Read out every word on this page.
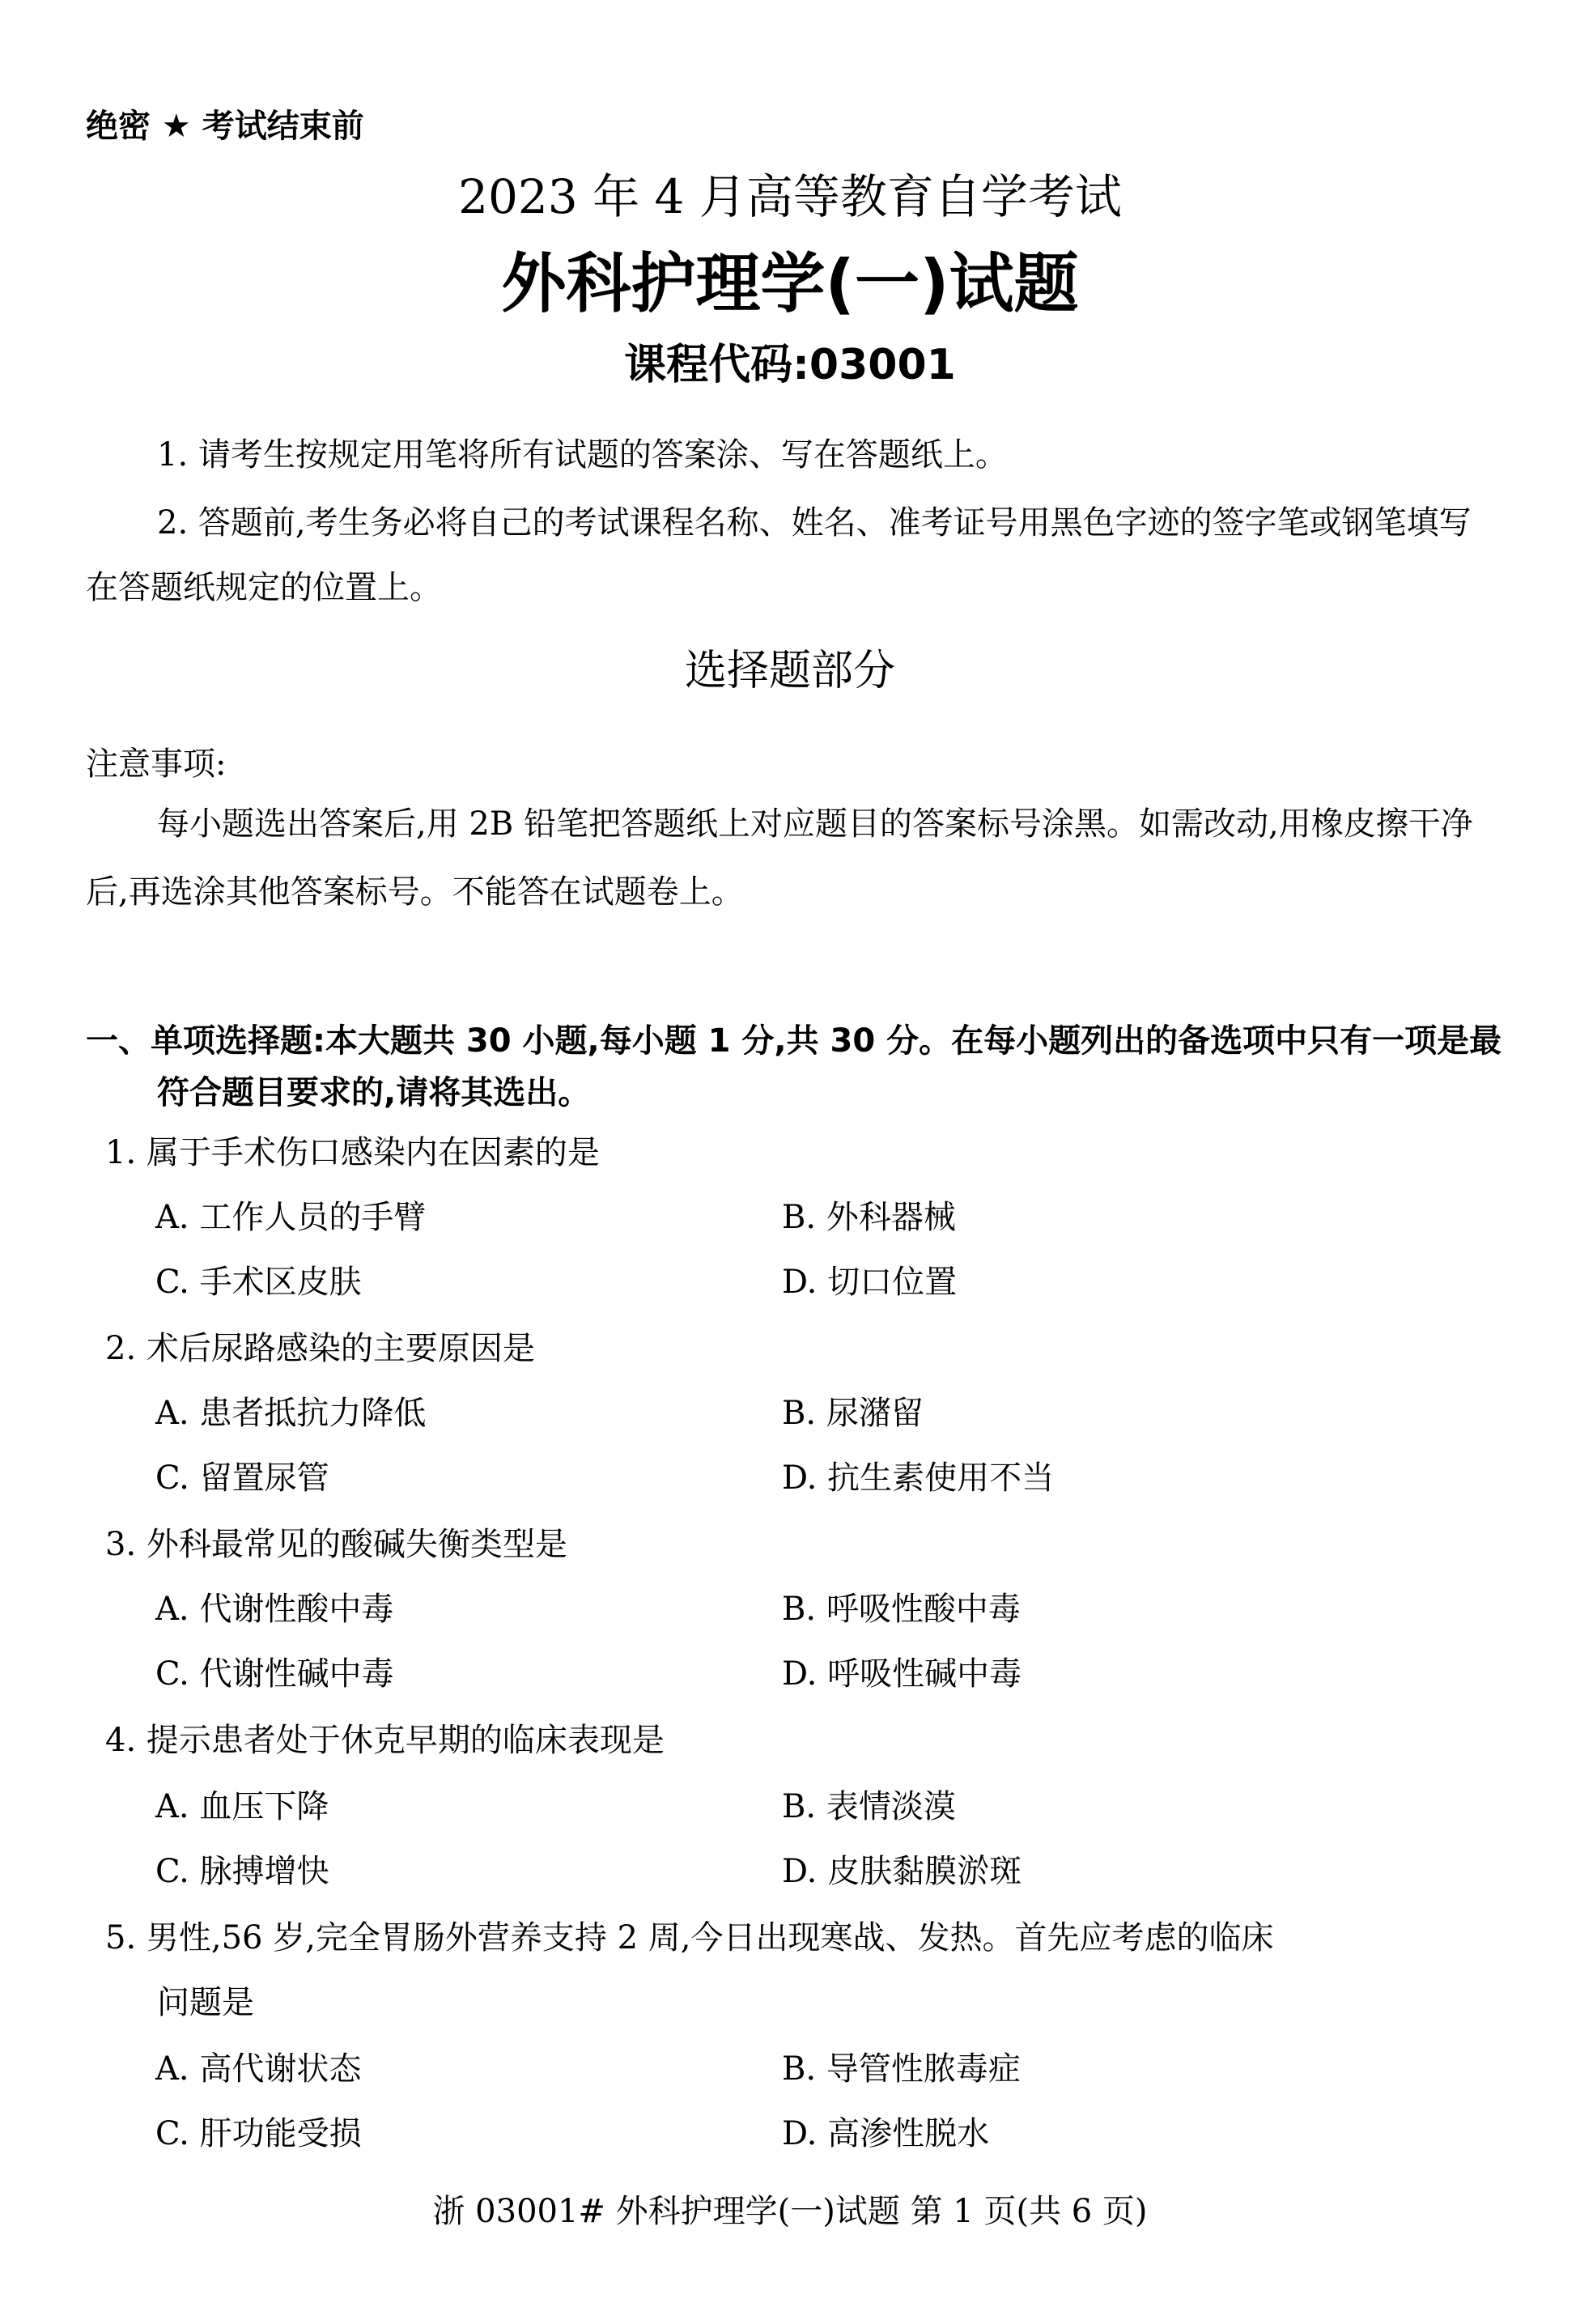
绝密 ★ 考试结束前
2023 年 4 月高等教育自学考试
外科护理学(一)试题
课程代码:03001
1. 请考生按规定用笔将所有试题的答案涂、写在答题纸上。
2. 答题前,考生务必将自己的考试课程名称、姓名、准考证号用黑色字迹的签字笔或钢笔填写在答题纸规定的位置上。
选择题部分
注意事项:
每小题选出答案后,用 2B 铅笔把答题纸上对应题目的答案标号涂黑。如需改动,用橡皮擦干净后,再选涂其他答案标号。不能答在试题卷上。
一、单项选择题:本大题共 30 小题,每小题 1 分,共 30 分。在每小题列出的备选项中只有一项是最符合题目要求的,请将其选出。
1. 属于手术伤口感染内在因素的是
A. 工作人员的手臂	B. 外科器械
C. 手术区皮肤	D. 切口位置
2. 术后尿路感染的主要原因是
A. 患者抵抗力降低	B. 尿潴留
C. 留置尿管	D. 抗生素使用不当
3. 外科最常见的酸碱失衡类型是
A. 代谢性酸中毒	B. 呼吸性酸中毒
C. 代谢性碱中毒	D. 呼吸性碱中毒
4. 提示患者处于休克早期的临床表现是
A. 血压下降	B. 表情淡漠
C. 脉搏增快	D. 皮肤黏膜淤斑
5. 男性,56 岁,完全胃肠外营养支持 2 周,今日出现寒战、发热。首先应考虑的临床
问题是
A. 高代谢状态	B. 导管性脓毒症
C. 肝功能受损	D. 高渗性脱水
浙 03001# 外科护理学(一)试题 第 1 页(共 6 页)
